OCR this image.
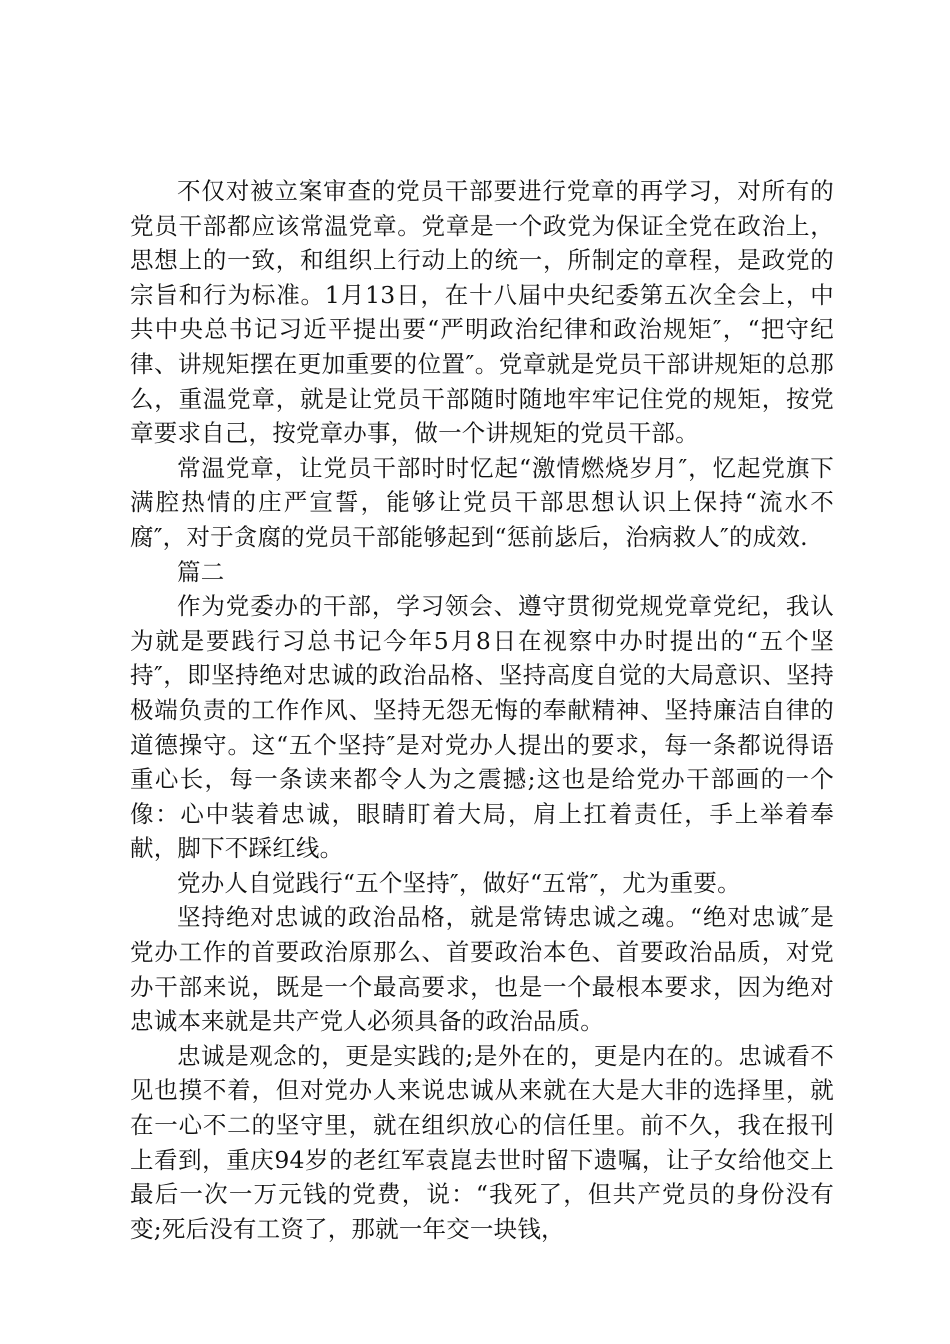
不仅对被立案审查的党员干部要进行党章的再学习，对所有的党员干部都应该常温党章。党章是一个政党为保证全党在政治上，思想上的一致，和组织上行动上的统一，所制定的章程，是政党的宗旨和行为标准。1月13日，在十八届中央纪委第五次全会上，中共中央总书记习近平提出要“严明政治纪律和政治规矩″，“把守纪律、讲规矩摆在更加重要的位置″。党章就是党员干部讲规矩的总那么，重温党章，就是让党员干部随时随地牢牢记住党的规矩，按党章要求自己，按党章办事，做一个讲规矩的党员干部。

常温党章，让党员干部时时忆起“激情燃烧岁月″，忆起党旗下满腔热情的庄严宣誓，能够让党员干部思想认识上保持“流水不腐″，对于贪腐的党员干部能够起到“惩前毖后，治病救人″的成效.

篇二

作为党委办的干部，学习领会、遵守贯彻党规党章党纪，我认为就是要践行习总书记今年5月8日在视察中办时提出的“五个坚持″，即坚持绝对忠诚的政治品格、坚持高度自觉的大局意识、坚持极端负责的工作作风、坚持无怨无悔的奉献精神、坚持廉洁自律的道德操守。这“五个坚持″是对党办人提出的要求，每一条都说得语重心长，每一条读来都令人为之震撼;这也是给党办干部画的一个像：心中装着忠诚，眼睛盯着大局，肩上扛着责任，手上举着奉献，脚下不踩红线。

党办人自觉践行“五个坚持″，做好“五常″，尤为重要。

坚持绝对忠诚的政治品格，就是常铸忠诚之魂。“绝对忠诚″是党办工作的首要政治原那么、首要政治本色、首要政治品质，对党办干部来说，既是一个最高要求，也是一个最根本要求，因为绝对忠诚本来就是共产党人必须具备的政治品质。

忠诚是观念的，更是实践的;是外在的，更是内在的。忠诚看不见也摸不着，但对党办人来说忠诚从来就在大是大非的选择里，就在一心不二的坚守里，就在组织放心的信任里。前不久，我在报刊上看到，重庆94岁的老红军袁崑去世时留下遗嘱，让子女给他交上最后一次一万元钱的党费，说：“我死了，但共产党员的身份没有变;死后没有工资了，那就一年交一块钱，
